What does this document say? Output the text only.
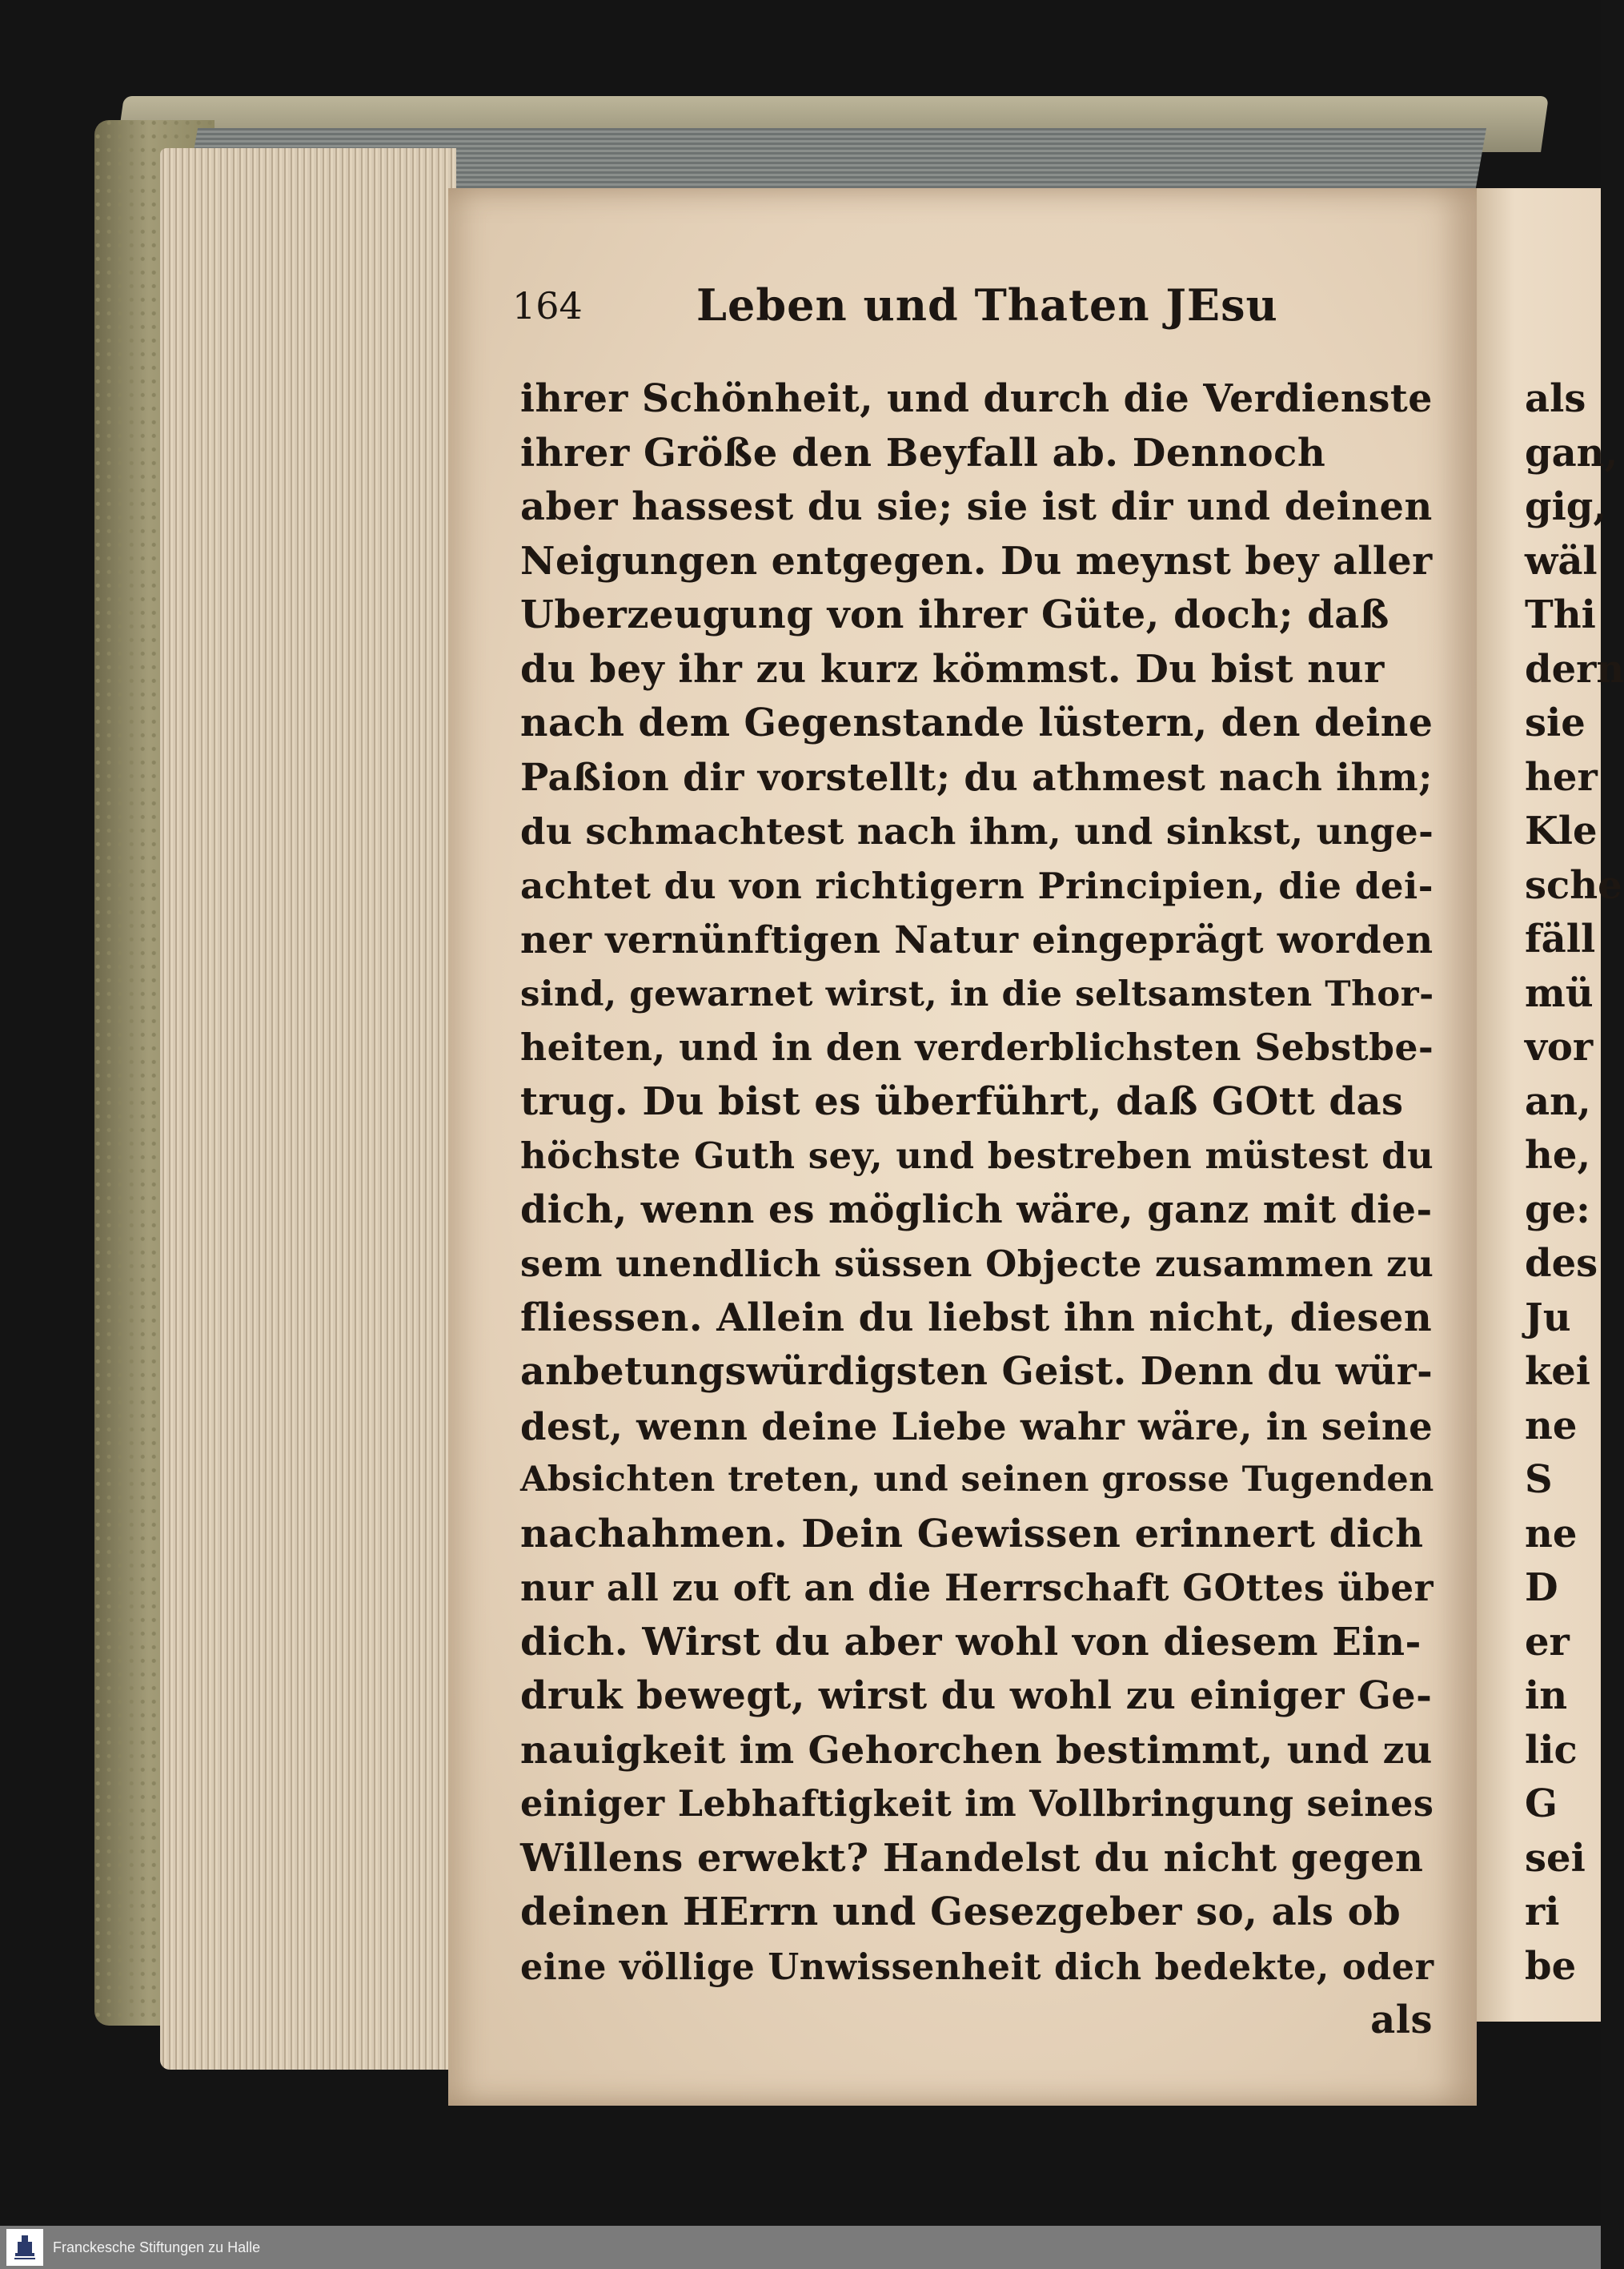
164	Leben und Thaten JEsu
ihrer Schönheit, und durch die Verdienste
ihrer Größe den Beyfall ab. Dennoch
aber hassest du sie; sie ist dir und deinen
Neigungen entgegen. Du meynst bey aller
Uberzeugung von ihrer Güte, doch; daß
du bey ihr zu kurz kömmst. Du bist nur
nach dem Gegenstande lüstern, den deine
Paßion dir vorstellt; du athmest nach ihm;
du schmachtest nach ihm, und sinkst, unge-
achtet du von richtigern Principien, die dei-
ner vernünftigen Natur eingeprägt worden
sind, gewarnet wirst, in die seltsamsten Thor-
heiten, und in den verderblichsten Sebstbe-
trug. Du bist es überführt, daß GOtt das
höchste Guth sey, und bestreben müstest du
dich, wenn es möglich wäre, ganz mit die-
sem unendlich süssen Objecte zusammen zu
fliessen. Allein du liebst ihn nicht, diesen
anbetungswürdigsten Geist. Denn du wür-
dest, wenn deine Liebe wahr wäre, in seine
Absichten treten, und seinen grosse Tugenden
nachahmen. Dein Gewissen erinnert dich
nur all zu oft an die Herrschaft GOttes über
dich. Wirst du aber wohl von diesem Ein-
druk bewegt, wirst du wohl zu einiger Ge-
nauigkeit im Gehorchen bestimmt, und zu
einiger Lebhaftigkeit im Vollbringung seines
Willens erwekt? Handelst du nicht gegen
deinen HErrn und Gesezgeber so, als ob
eine völlige Unwissenheit dich bedekte, oder
als
als
gan,
gig,
wäl
Thi
dern
sie
her
Kle
sche
fäll
mü
vor
an,
he,
ge:
des
Ju
kei
ne
S
ne
D
er
in
lic
G
sei
ri
be
Franckesche Stiftungen zu Halle
